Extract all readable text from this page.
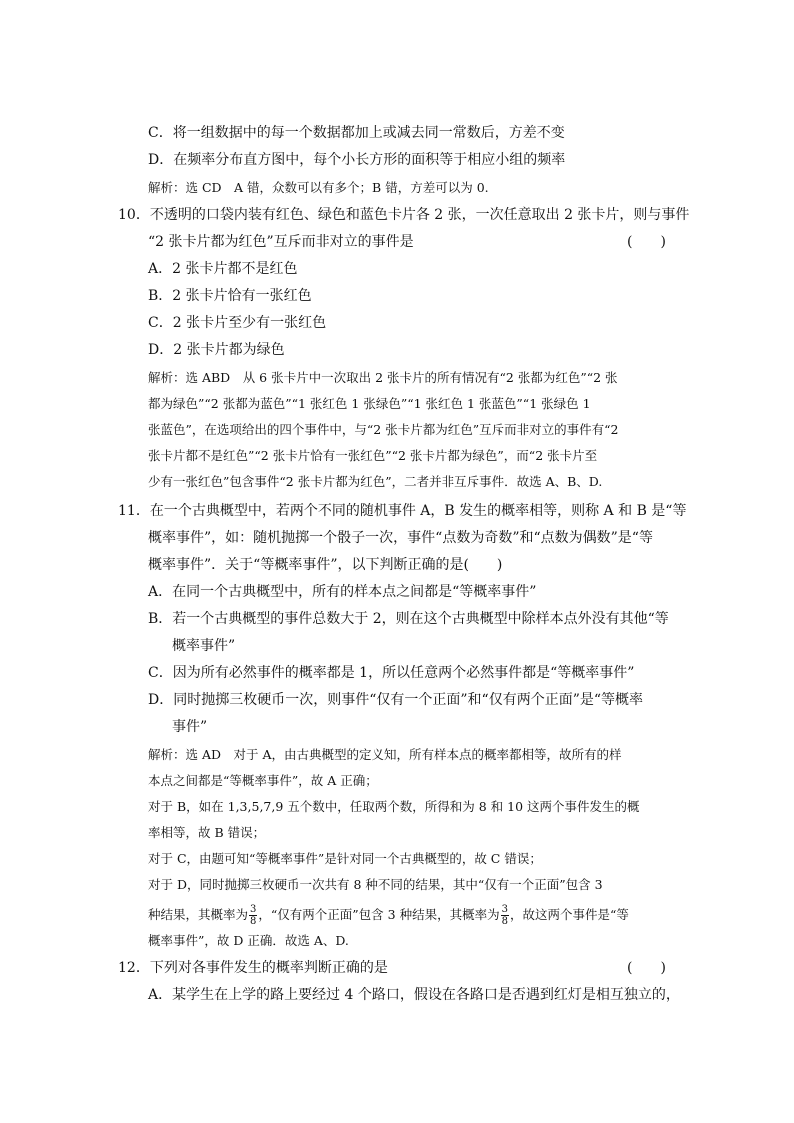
C．将一组数据中的每一个数据都加上或减去同一常数后，方差不变
D．在频率分布直方图中，每个小长方形的面积等于相应小组的频率
解析：选 CD　A 错，众数可以有多个；B 错，方差可以为 0.
10．不透明的口袋内装有红色、绿色和蓝色卡片各 2 张，一次任意取出 2 张卡片，则与事件
“2 张卡片都为红色”互斥而非对立的事件是	(　　)
A．2 张卡片都不是红色
B．2 张卡片恰有一张红色
C．2 张卡片至少有一张红色
D．2 张卡片都为绿色
解析：选 ABD　从 6 张卡片中一次取出 2 张卡片的所有情况有“2 张都为红色”“2 张
都为绿色”“2 张都为蓝色”“1 张红色 1 张绿色”“1 张红色 1 张蓝色”“1 张绿色 1
张蓝色”，在选项给出的四个事件中，与“2 张卡片都为红色”互斥而非对立的事件有“2
张卡片都不是红色”“2 张卡片恰有一张红色”“2 张卡片都为绿色”，而“2 张卡片至
少有一张红色”包含事件“2 张卡片都为红色”，二者并非互斥事件．故选 A、B、D.
11．在一个古典概型中，若两个不同的随机事件 A，B 发生的概率相等，则称 A 和 B 是“等
概率事件”，如：随机抛掷一个骰子一次，事件“点数为奇数”和“点数为偶数”是“等
概率事件”．关于“等概率事件”，以下判断正确的是(　　)
A．在同一个古典概型中，所有的样本点之间都是“等概率事件”
B．若一个古典概型的事件总数大于 2，则在这个古典概型中除样本点外没有其他“等
概率事件”
C．因为所有必然事件的概率都是 1，所以任意两个必然事件都是“等概率事件”
D．同时抛掷三枚硬币一次，则事件“仅有一个正面”和“仅有两个正面”是“等概率
事件”
解析：选 AD　对于 A，由古典概型的定义知，所有样本点的概率都相等，故所有的样
本点之间都是“等概率事件”，故 A 正确；
对于 B，如在 1,3,5,7,9 五个数中，任取两个数，所得和为 8 和 10 这两个事件发生的概
率相等，故 B 错误；
对于 C，由题可知“等概率事件”是针对同一个古典概型的，故 C 错误；
对于 D，同时抛掷三枚硬币一次共有 8 种不同的结果，其中“仅有一个正面”包含 3
种结果，其概率为 $\frac{3}{8}$ ，“仅有两个正面”包含 3 种结果，其概率为 $\frac{3}{8}$ ，故这两个事件是“等
概率事件”，故 D 正确．故选 A、D.
12．下列对各事件发生的概率判断正确的是	(　　)
A．某学生在上学的路上要经过 4 个路口，假设在各路口是否遇到红灯是相互独立的，
